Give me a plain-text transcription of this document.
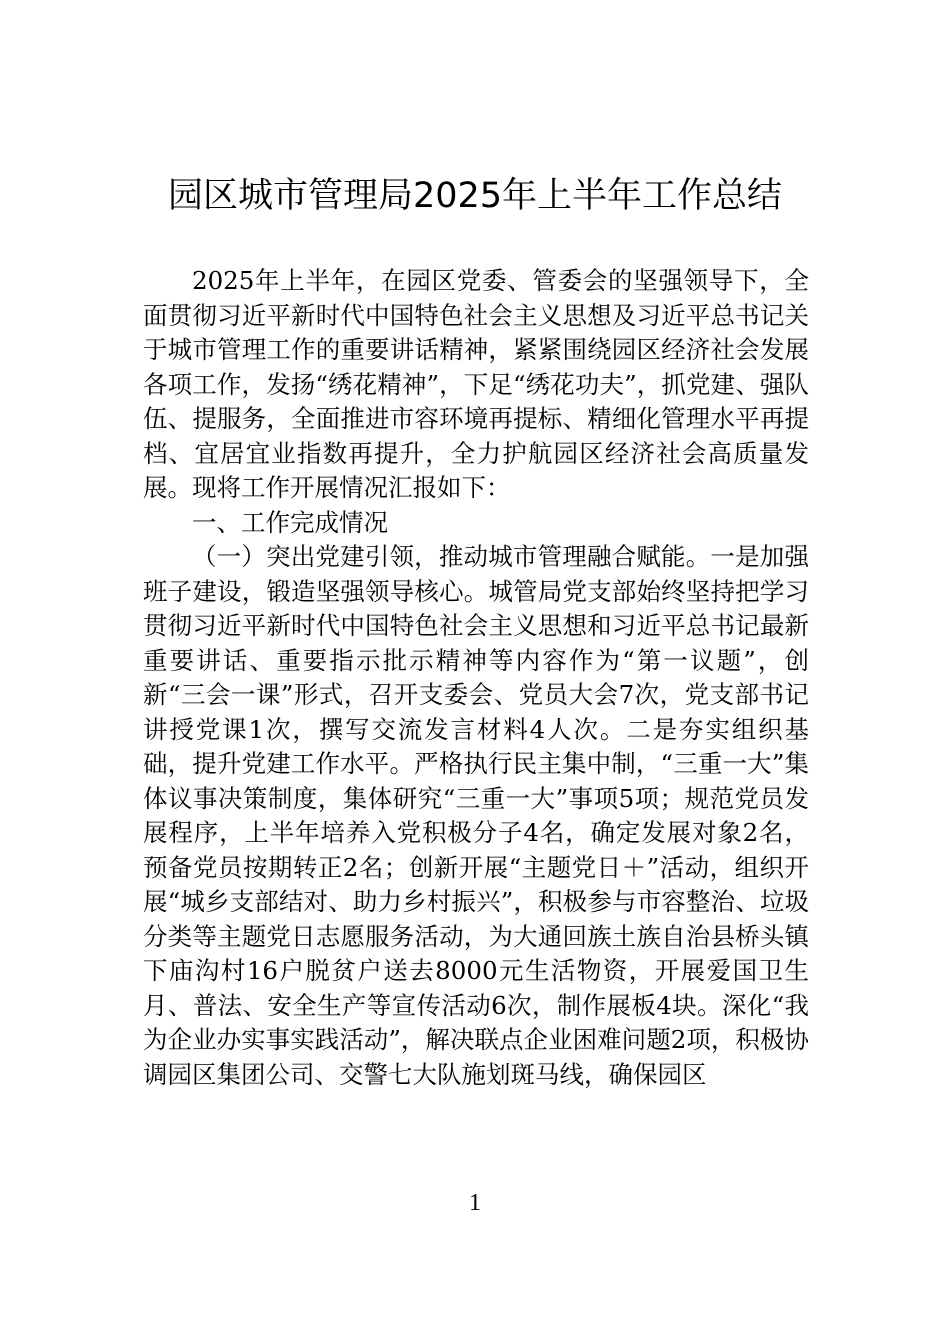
园区城市管理局2025年上半年工作总结

2025年上半年，在园区党委、管委会的坚强领导下，全面贯彻习近平新时代中国特色社会主义思想及习近平总书记关于城市管理工作的重要讲话精神，紧紧围绕园区经济社会发展各项工作，发扬“绣花精神”，下足“绣花功夫”，抓党建、强队伍、提服务，全面推进市容环境再提标、精细化管理水平再提档、宜居宜业指数再提升，全力护航园区经济社会高质量发展。现将工作开展情况汇报如下：

一、工作完成情况

（一）突出党建引领，推动城市管理融合赋能。一是加强班子建设，锻造坚强领导核心。城管局党支部始终坚持把学习贯彻习近平新时代中国特色社会主义思想和习近平总书记最新重要讲话、重要指示批示精神等内容作为“第一议题”，创新“三会一课”形式，召开支委会、党员大会7次，党支部书记讲授党课1次，撰写交流发言材料4人次。二是夯实组织基础，提升党建工作水平。严格执行民主集中制，“三重一大”集体议事决策制度，集体研究“三重一大”事项5项；规范党员发展程序，上半年培养入党积极分子4名，确定发展对象2名，预备党员按期转正2名；创新开展“主题党日＋”活动，组织开展“城乡支部结对、助力乡村振兴”，积极参与市容整治、垃圾分类等主题党日志愿服务活动，为大通回族土族自治县桥头镇下庙沟村16户脱贫户送去8000元生活物资，开展爱国卫生月、普法、安全生产等宣传活动6次，制作展板4块。深化“我为企业办实事实践活动”，解决联点企业困难问题2项，积极协调园区集团公司、交警七大队施划斑马线，确保园区

1
